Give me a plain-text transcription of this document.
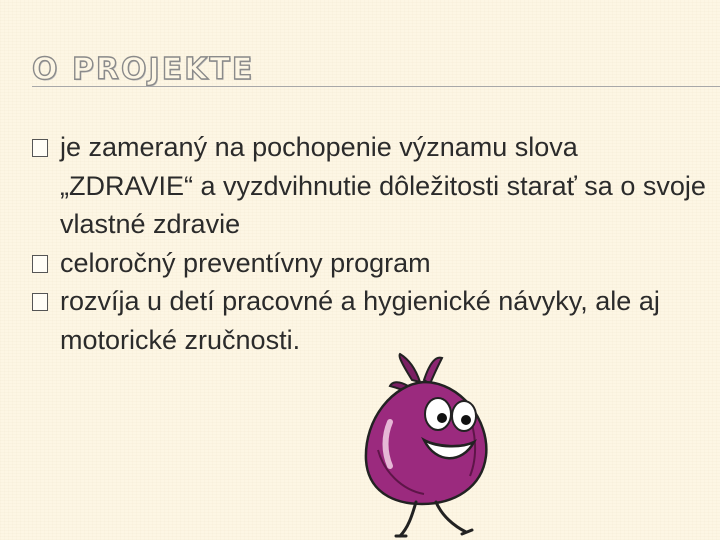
O PROJEKTE
je zameraný na pochopenie významu slova „ZDRAVIE“ a vyzdvihnutie dôležitosti starať sa o svoje vlastné zdravie
celoročný preventívny program
rozvíja u detí pracovné a hygienické návyky, ale aj motorické zručnosti.
